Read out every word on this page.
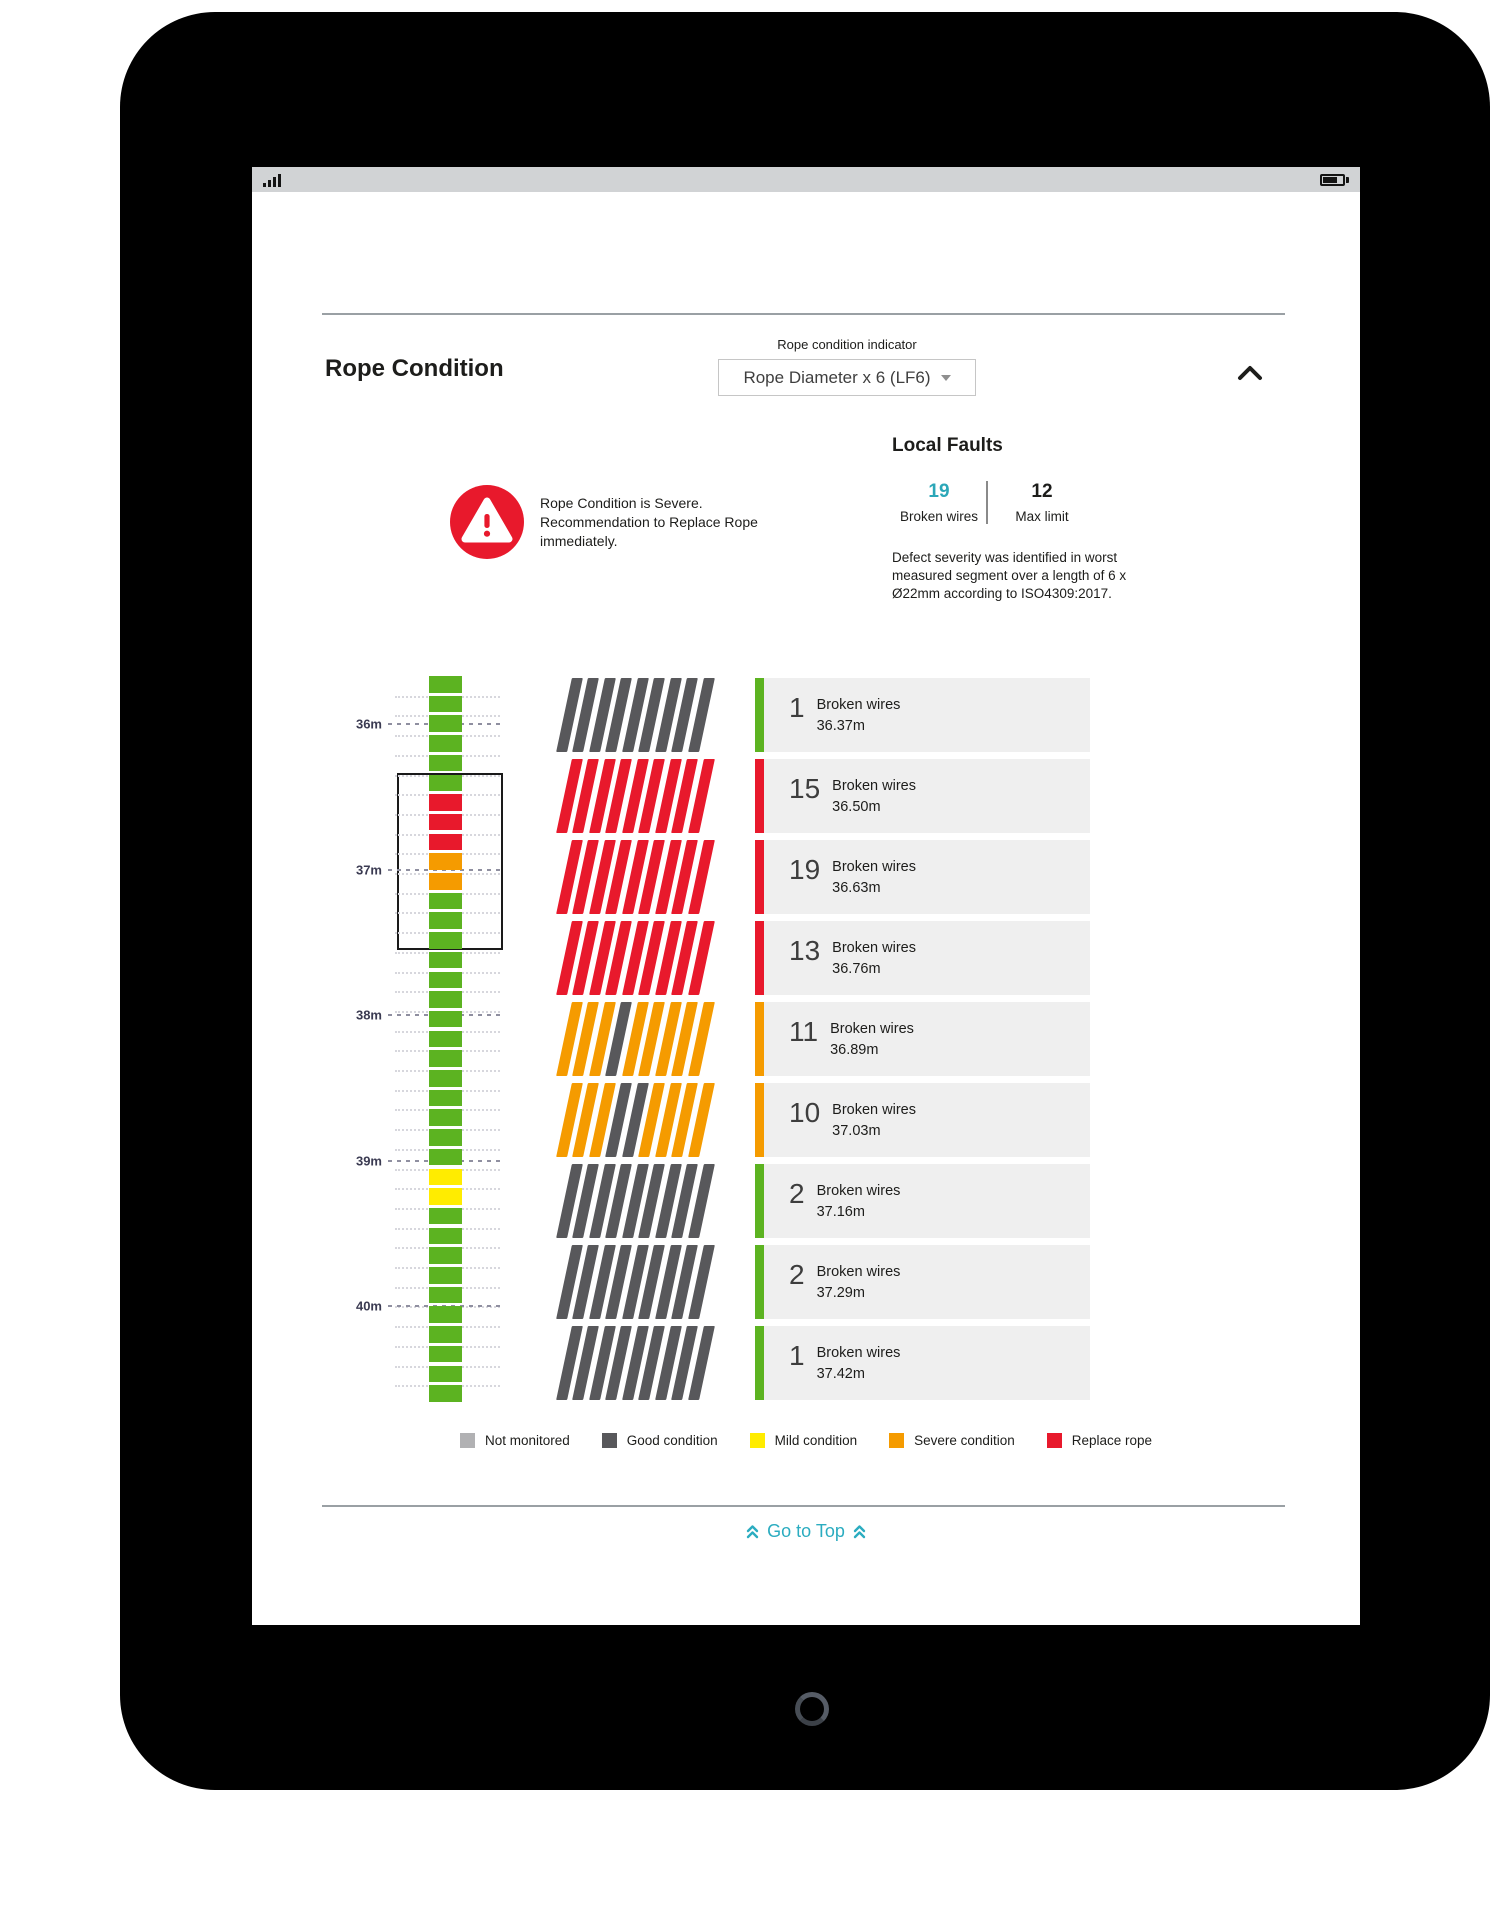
Rope Condition
Rope condition indicator
Rope Diameter x 6 (LF6)
Rope Condition is Severe. Recommendation to Replace Rope immediately.
Local Faults
19
Broken wires
12
Max limit
Defect severity was identified in worst measured segment over a length of 6 x Ø22mm according to ISO4309:2017.
36m
37m
38m
39m
40m
1 Broken wires
36.37m
15 Broken wires
36.50m
19 Broken wires
36.63m
13 Broken wires
36.76m
11 Broken wires
36.89m
10 Broken wires
37.03m
2 Broken wires
37.16m
2 Broken wires
37.29m
1 Broken wires
37.42m
Not monitored	Good condition	Mild condition	Severe condition	Replace rope
Go to Top
